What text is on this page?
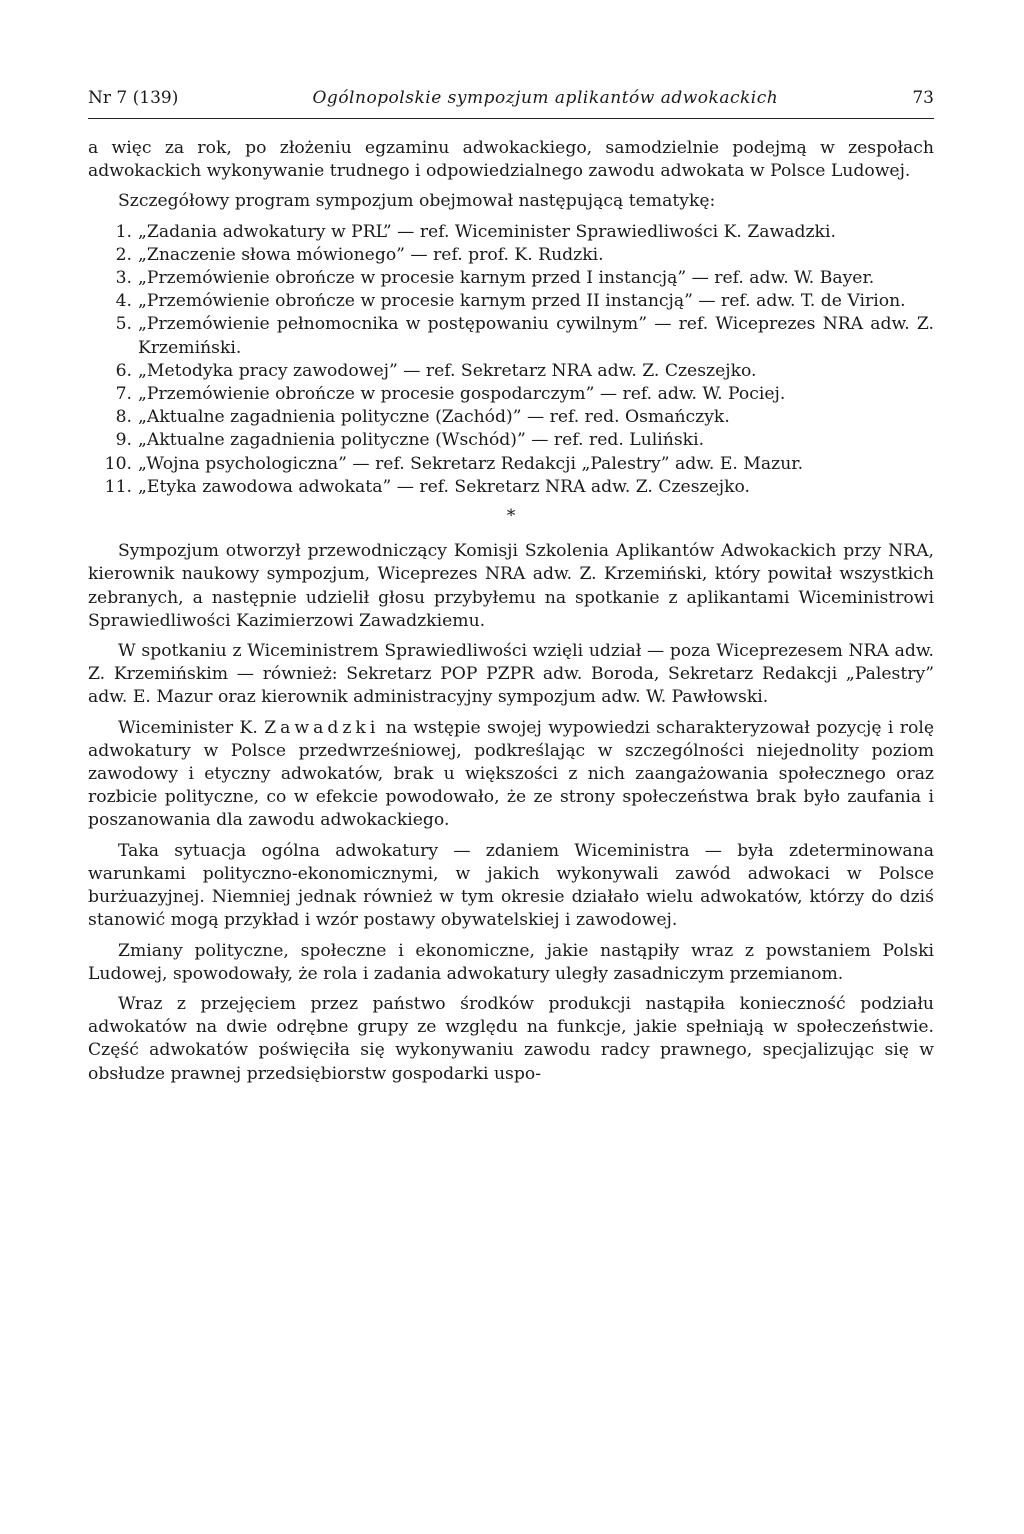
Nr 7 (139)	Ogólnopolskie sympozjum aplikantów adwokackich	73

a więc za rok, po złożeniu egzaminu adwokackiego, samodzielnie podejmą w zespołach adwokackich wykonywanie trudnego i odpowiedzialnego zawodu adwokata w Polsce Ludowej.

Szczegółowy program sympozjum obejmował następującą tematykę:

1. „Zadania adwokatury w PRL” — ref. Wiceminister Sprawiedliwości K. Zawadzki.
2. „Znaczenie słowa mówionego” — ref. prof. K. Rudzki.
3. „Przemówienie obrończe w procesie karnym przed I instancją” — ref. adw. W. Bayer.
4. „Przemówienie obrończe w procesie karnym przed II instancją” — ref. adw. T. de Virion.
5. „Przemówienie pełnomocnika w postępowaniu cywilnym” — ref. Wiceprezes NRA adw. Z. Krzemiński.
6. „Metodyka pracy zawodowej” — ref. Sekretarz NRA adw. Z. Czeszejko.
7. „Przemówienie obrończe w procesie gospodarczym” — ref. adw. W. Pociej.
8. „Aktualne zagadnienia polityczne (Zachód)” — ref. red. Osmańczyk.
9. „Aktualne zagadnienia polityczne (Wschód)” — ref. red. Luliński.
10. „Wojna psychologiczna” — ref. Sekretarz Redakcji „Palestry” adw. E. Mazur.
11. „Etyka zawodowa adwokata” — ref. Sekretarz NRA adw. Z. Czeszejko.
*

Sympozjum otworzył przewodniczący Komisji Szkolenia Aplikantów Adwokackich przy NRA, kierownik naukowy sympozjum, Wiceprezes NRA adw. Z. Krzemiński, który powitał wszystkich zebranych, a następnie udzielił głosu przybyłemu na spotkanie z aplikantami Wiceministrowi Sprawiedliwości Kazimierzowi Zawadzkiemu.

W spotkaniu z Wiceministrem Sprawiedliwości wzięli udział — poza Wiceprezesem NRA adw. Z. Krzemińskim — również: Sekretarz POP PZPR adw. Boroda, Sekretarz Redakcji „Palestry” adw. E. Mazur oraz kierownik administracyjny sympozjum adw. W. Pawłowski.

Wiceminister K. Zawadzki na wstępie swojej wypowiedzi scharakteryzował pozycję i rolę adwokatury w Polsce przedwrześniowej, podkreślając w szczególności niejednolity poziom zawodowy i etyczny adwokatów, brak u większości z nich zaangażowania społecznego oraz rozbicie polityczne, co w efekcie powodowało, że ze strony społeczeństwa brak było zaufania i poszanowania dla zawodu adwokackiego.

Taka sytuacja ogólna adwokatury — zdaniem Wiceministra — była zdeterminowana warunkami polityczno-ekonomicznymi, w jakich wykonywali zawód adwokaci w Polsce burżuazyjnej. Niemniej jednak również w tym okresie działało wielu adwokatów, którzy do dziś stanowić mogą przykład i wzór postawy obywatelskiej i zawodowej.

Zmiany polityczne, społeczne i ekonomiczne, jakie nastąpiły wraz z powstaniem Polski Ludowej, spowodowały, że rola i zadania adwokatury uległy zasadniczym przemianom.

Wraz z przejęciem przez państwo środków produkcji nastąpiła konieczność podziału adwokatów na dwie odrębne grupy ze względu na funkcje, jakie spełniają w społeczeństwie. Część adwokatów poświęciła się wykonywaniu zawodu radcy prawnego, specjalizując się w obsłudze prawnej przedsiębiorstw gospodarki uspo-
